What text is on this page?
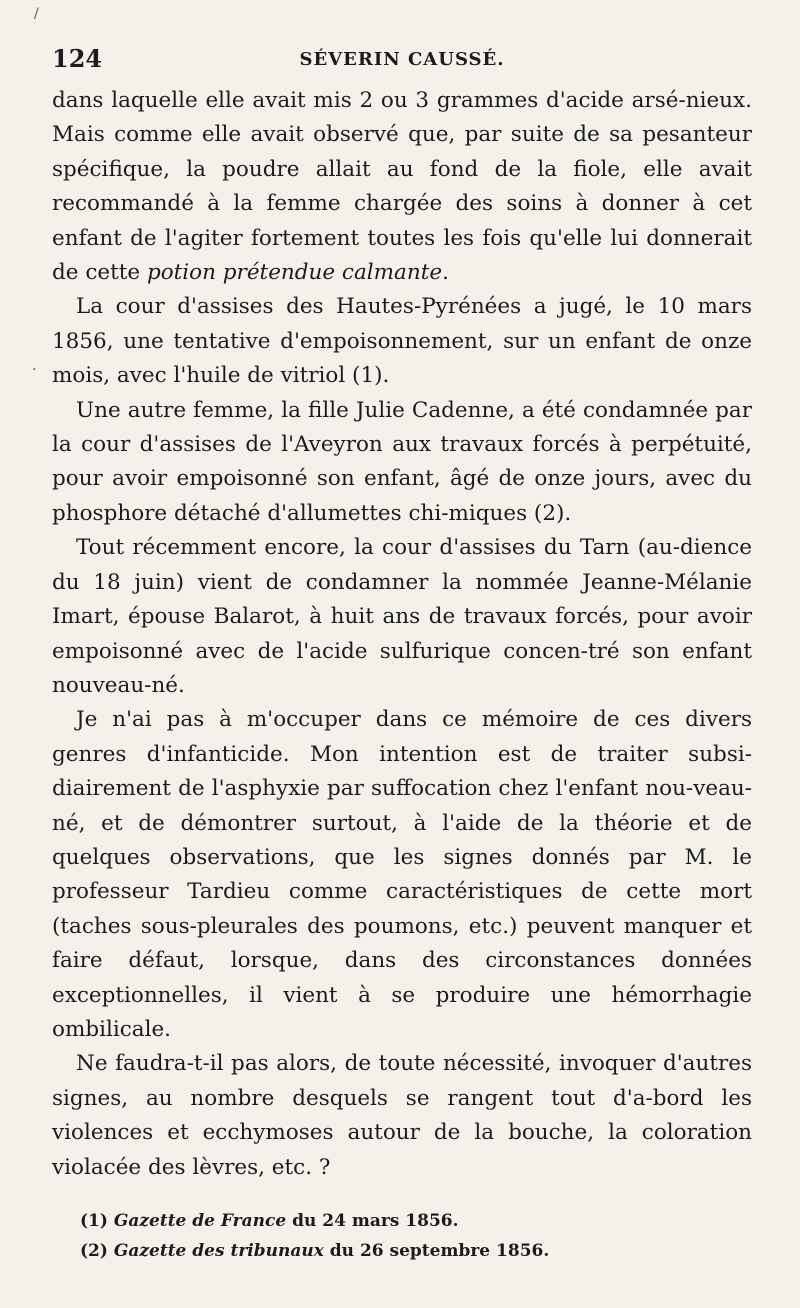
124	SÉVERIN CAUSSÉ.

dans laquelle elle avait mis 2 ou 3 grammes d'acide arsé-nieux. Mais comme elle avait observé que, par suite de sa pesanteur spécifique, la poudre allait au fond de la fiole, elle avait recommandé à la femme chargée des soins à donner à cet enfant de l'agiter fortement toutes les fois qu'elle lui donnerait de cette potion prétendue calmante.

La cour d'assises des Hautes-Pyrénées a jugé, le 10 mars 1856, une tentative d'empoisonnement, sur un enfant de onze mois, avec l'huile de vitriol (1).

Une autre femme, la fille Julie Cadenne, a été condamnée par la cour d'assises de l'Aveyron aux travaux forcés à perpétuité, pour avoir empoisonné son enfant, âgé de onze jours, avec du phosphore détaché d'allumettes chi-miques (2).

Tout récemment encore, la cour d'assises du Tarn (au-dience du 18 juin) vient de condamner la nommée Jeanne-Mélanie Imart, épouse Balarot, à huit ans de travaux forcés, pour avoir empoisonné avec de l'acide sulfurique concen-tré son enfant nouveau-né.

Je n'ai pas à m'occuper dans ce mémoire de ces divers genres d'infanticide. Mon intention est de traiter subsi-diairement de l'asphyxie par suffocation chez l'enfant nou-veau-né, et de démontrer surtout, à l'aide de la théorie et de quelques observations, que les signes donnés par M. le professeur Tardieu comme caractéristiques de cette mort (taches sous-pleurales des poumons, etc.) peuvent manquer et faire défaut, lorsque, dans des circonstances données exceptionnelles, il vient à se produire une hémorrhagie ombilicale.

Ne faudra-t-il pas alors, de toute nécessité, invoquer d'autres signes, au nombre desquels se rangent tout d'a-bord les violences et ecchymoses autour de la bouche, la coloration violacée des lèvres, etc. ?

(1) Gazette de France du 24 mars 1856.

(2) Gazette des tribunaux du 26 septembre 1856.

/
·
